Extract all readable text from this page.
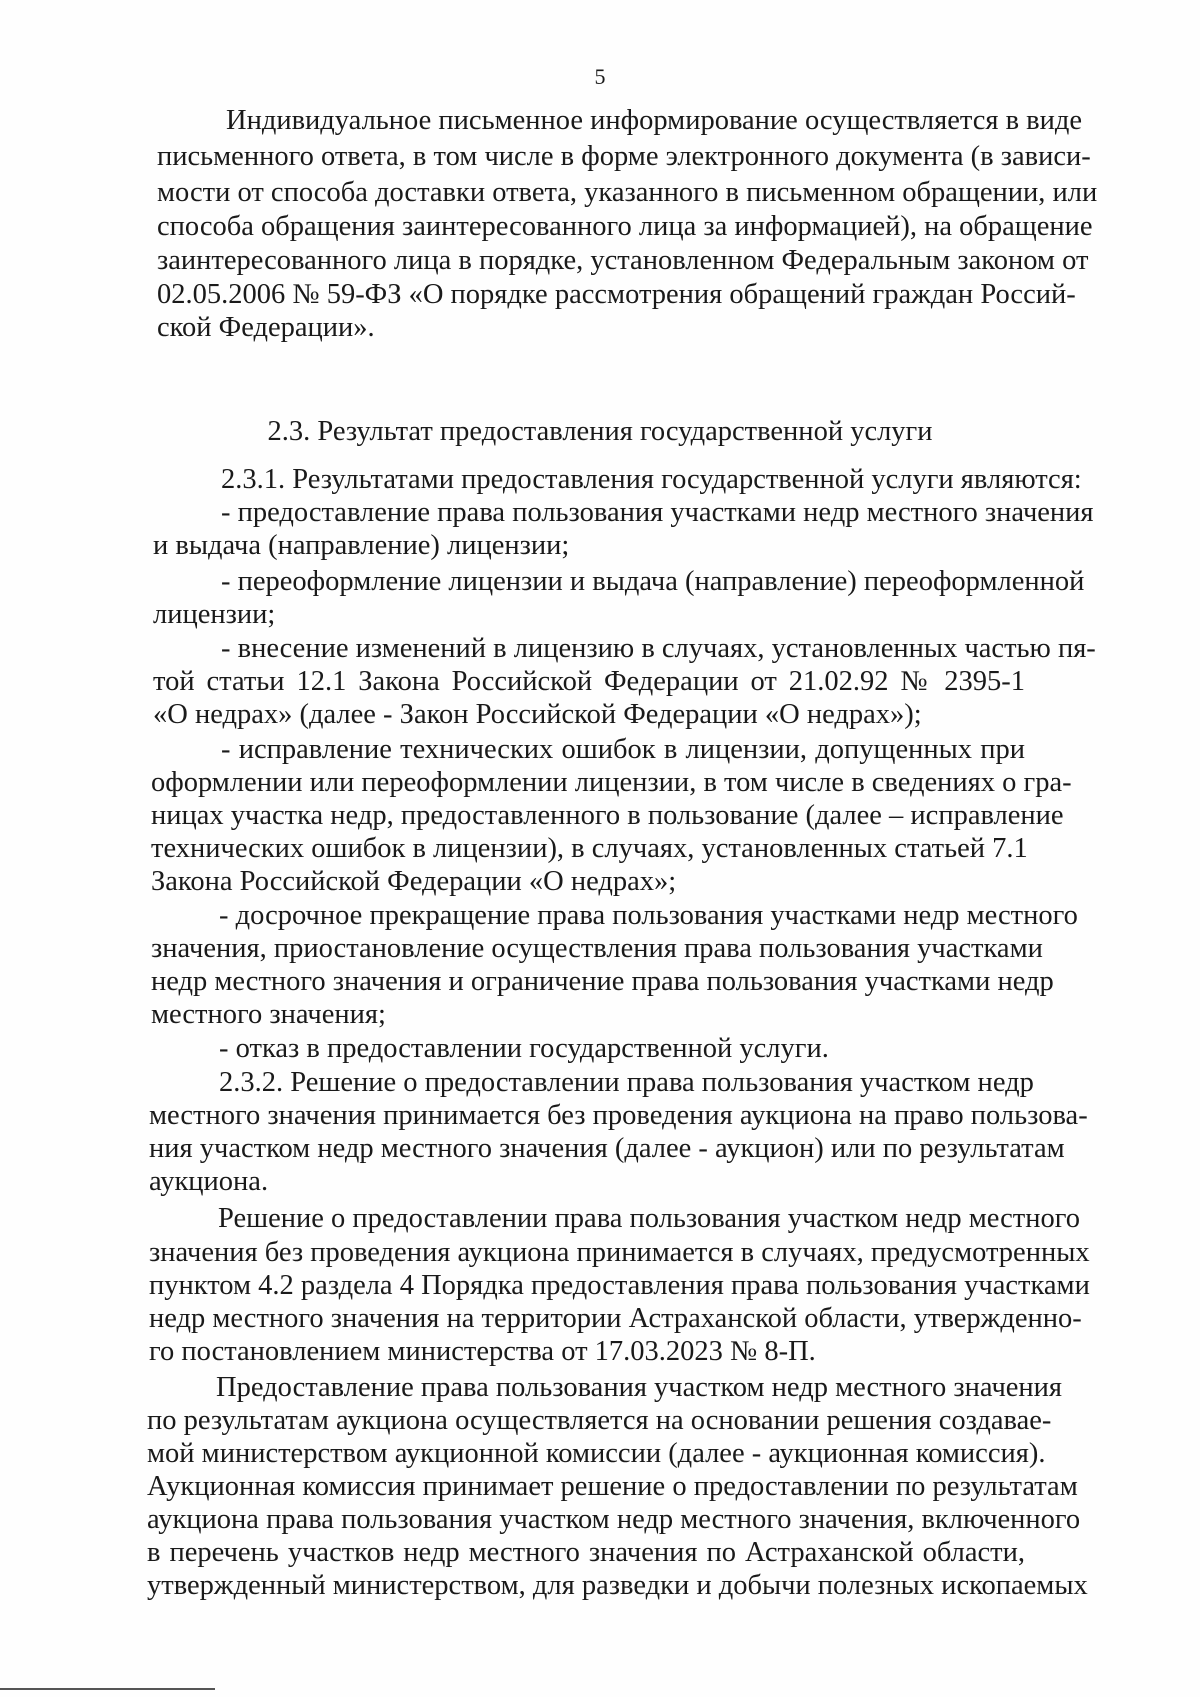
5
Индивидуальное письменное информирование осуществляется в виде
письменного ответа, в том числе в форме электронного документа (в зависи-
мости от способа доставки ответа, указанного в письменном обращении, или
способа обращения заинтересованного лица за информацией), на обращение
заинтересованного лица в порядке, установленном Федеральным законом от
02.05.2006 № 59-ФЗ «О порядке рассмотрения обращений граждан Россий-
ской Федерации».
2.3. Результат предоставления государственной услуги
2.3.1. Результатами предоставления государственной услуги являются:
- предоставление права пользования участками недр местного значения
и выдача (направление) лицензии;
- переоформление лицензии и выдача (направление) переоформленной
лицензии;
- внесение изменений в лицензию в случаях, установленных частью пя-
той статьи 12.1 Закона Российской Федерации от 21.02.92 № 2395-1
«О недрах» (далее - Закон Российской Федерации «О недрах»);
- исправление технических ошибок в лицензии, допущенных при
оформлении или переоформлении лицензии, в том числе в сведениях о гра-
ницах участка недр, предоставленного в пользование (далее – исправление
технических ошибок в лицензии), в случаях, установленных статьей 7.1
Закона Российской Федерации «О недрах»;
- досрочное прекращение права пользования участками недр местного
значения, приостановление осуществления права пользования участками
недр местного значения и ограничение права пользования участками недр
местного значения;
- отказ в предоставлении государственной услуги.
2.3.2. Решение о предоставлении права пользования участком недр
местного значения принимается без проведения аукциона на право пользова-
ния участком недр местного значения (далее - аукцион) или по результатам
аукциона.
Решение о предоставлении права пользования участком недр местного
значения без проведения аукциона принимается в случаях, предусмотренных
пунктом 4.2 раздела 4 Порядка предоставления права пользования участками
недр местного значения на территории Астраханской области, утвержденно-
го постановлением министерства от 17.03.2023 № 8-П.
Предоставление права пользования участком недр местного значения
по результатам аукциона осуществляется на основании решения создавае-
мой министерством аукционной комиссии (далее - аукционная комиссия).
Аукционная комиссия принимает решение о предоставлении по результатам
аукциона права пользования участком недр местного значения, включенного
в перечень участков недр местного значения по Астраханской области,
утвержденный министерством, для разведки и добычи полезных ископаемых
